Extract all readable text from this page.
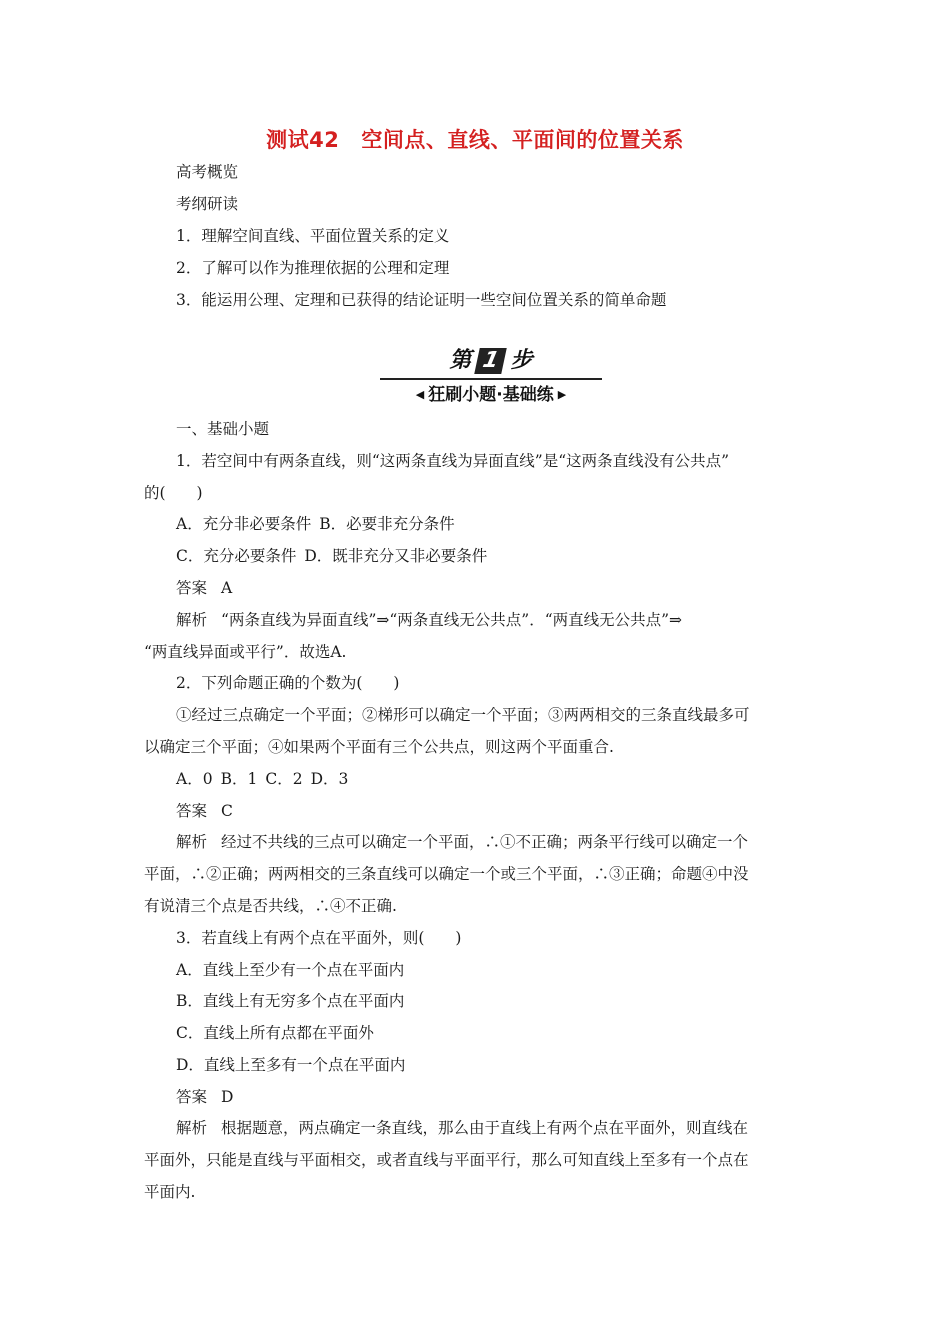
测试42 空间点、直线、平面间的位置关系
高考概览
考纲研读
1．理解空间直线、平面位置关系的定义
2．了解可以作为推理依据的公理和定理
3．能运用公理、定理和已获得的结论证明一些空间位置关系的简单命题
一、基础小题
1．若空间中有两条直线，则“这两条直线为异面直线”是“这两条直线没有公共点”
的(　　)
A．充分非必要条件 B．必要非充分条件
C．充分必要条件 D．既非充分又非必要条件
答案 A
解析 “两条直线为异面直线”⇒“两条直线无公共点”．“两直线无公共点”⇒
“两直线异面或平行”．故选A.
2．下列命题正确的个数为(　　)
①经过三点确定一个平面；②梯形可以确定一个平面；③两两相交的三条直线最多可
以确定三个平面；④如果两个平面有三个公共点，则这两个平面重合.
A．0 B．1 C．2 D．3
答案 C
解析 经过不共线的三点可以确定一个平面，∴①不正确；两条平行线可以确定一个
平面，∴②正确；两两相交的三条直线可以确定一个或三个平面，∴③正确；命题④中没
有说清三个点是否共线，∴④不正确.
3．若直线上有两个点在平面外，则(　　)
A．直线上至少有一个点在平面内
B．直线上有无穷多个点在平面内
C．直线上所有点都在平面外
D．直线上至多有一个点在平面内
答案 D
解析 根据题意，两点确定一条直线，那么由于直线上有两个点在平面外，则直线在
平面外，只能是直线与平面相交，或者直线与平面平行，那么可知直线上至多有一个点在
平面内.
第 1 步
◀ 狂刷小题·基础练 ▶
